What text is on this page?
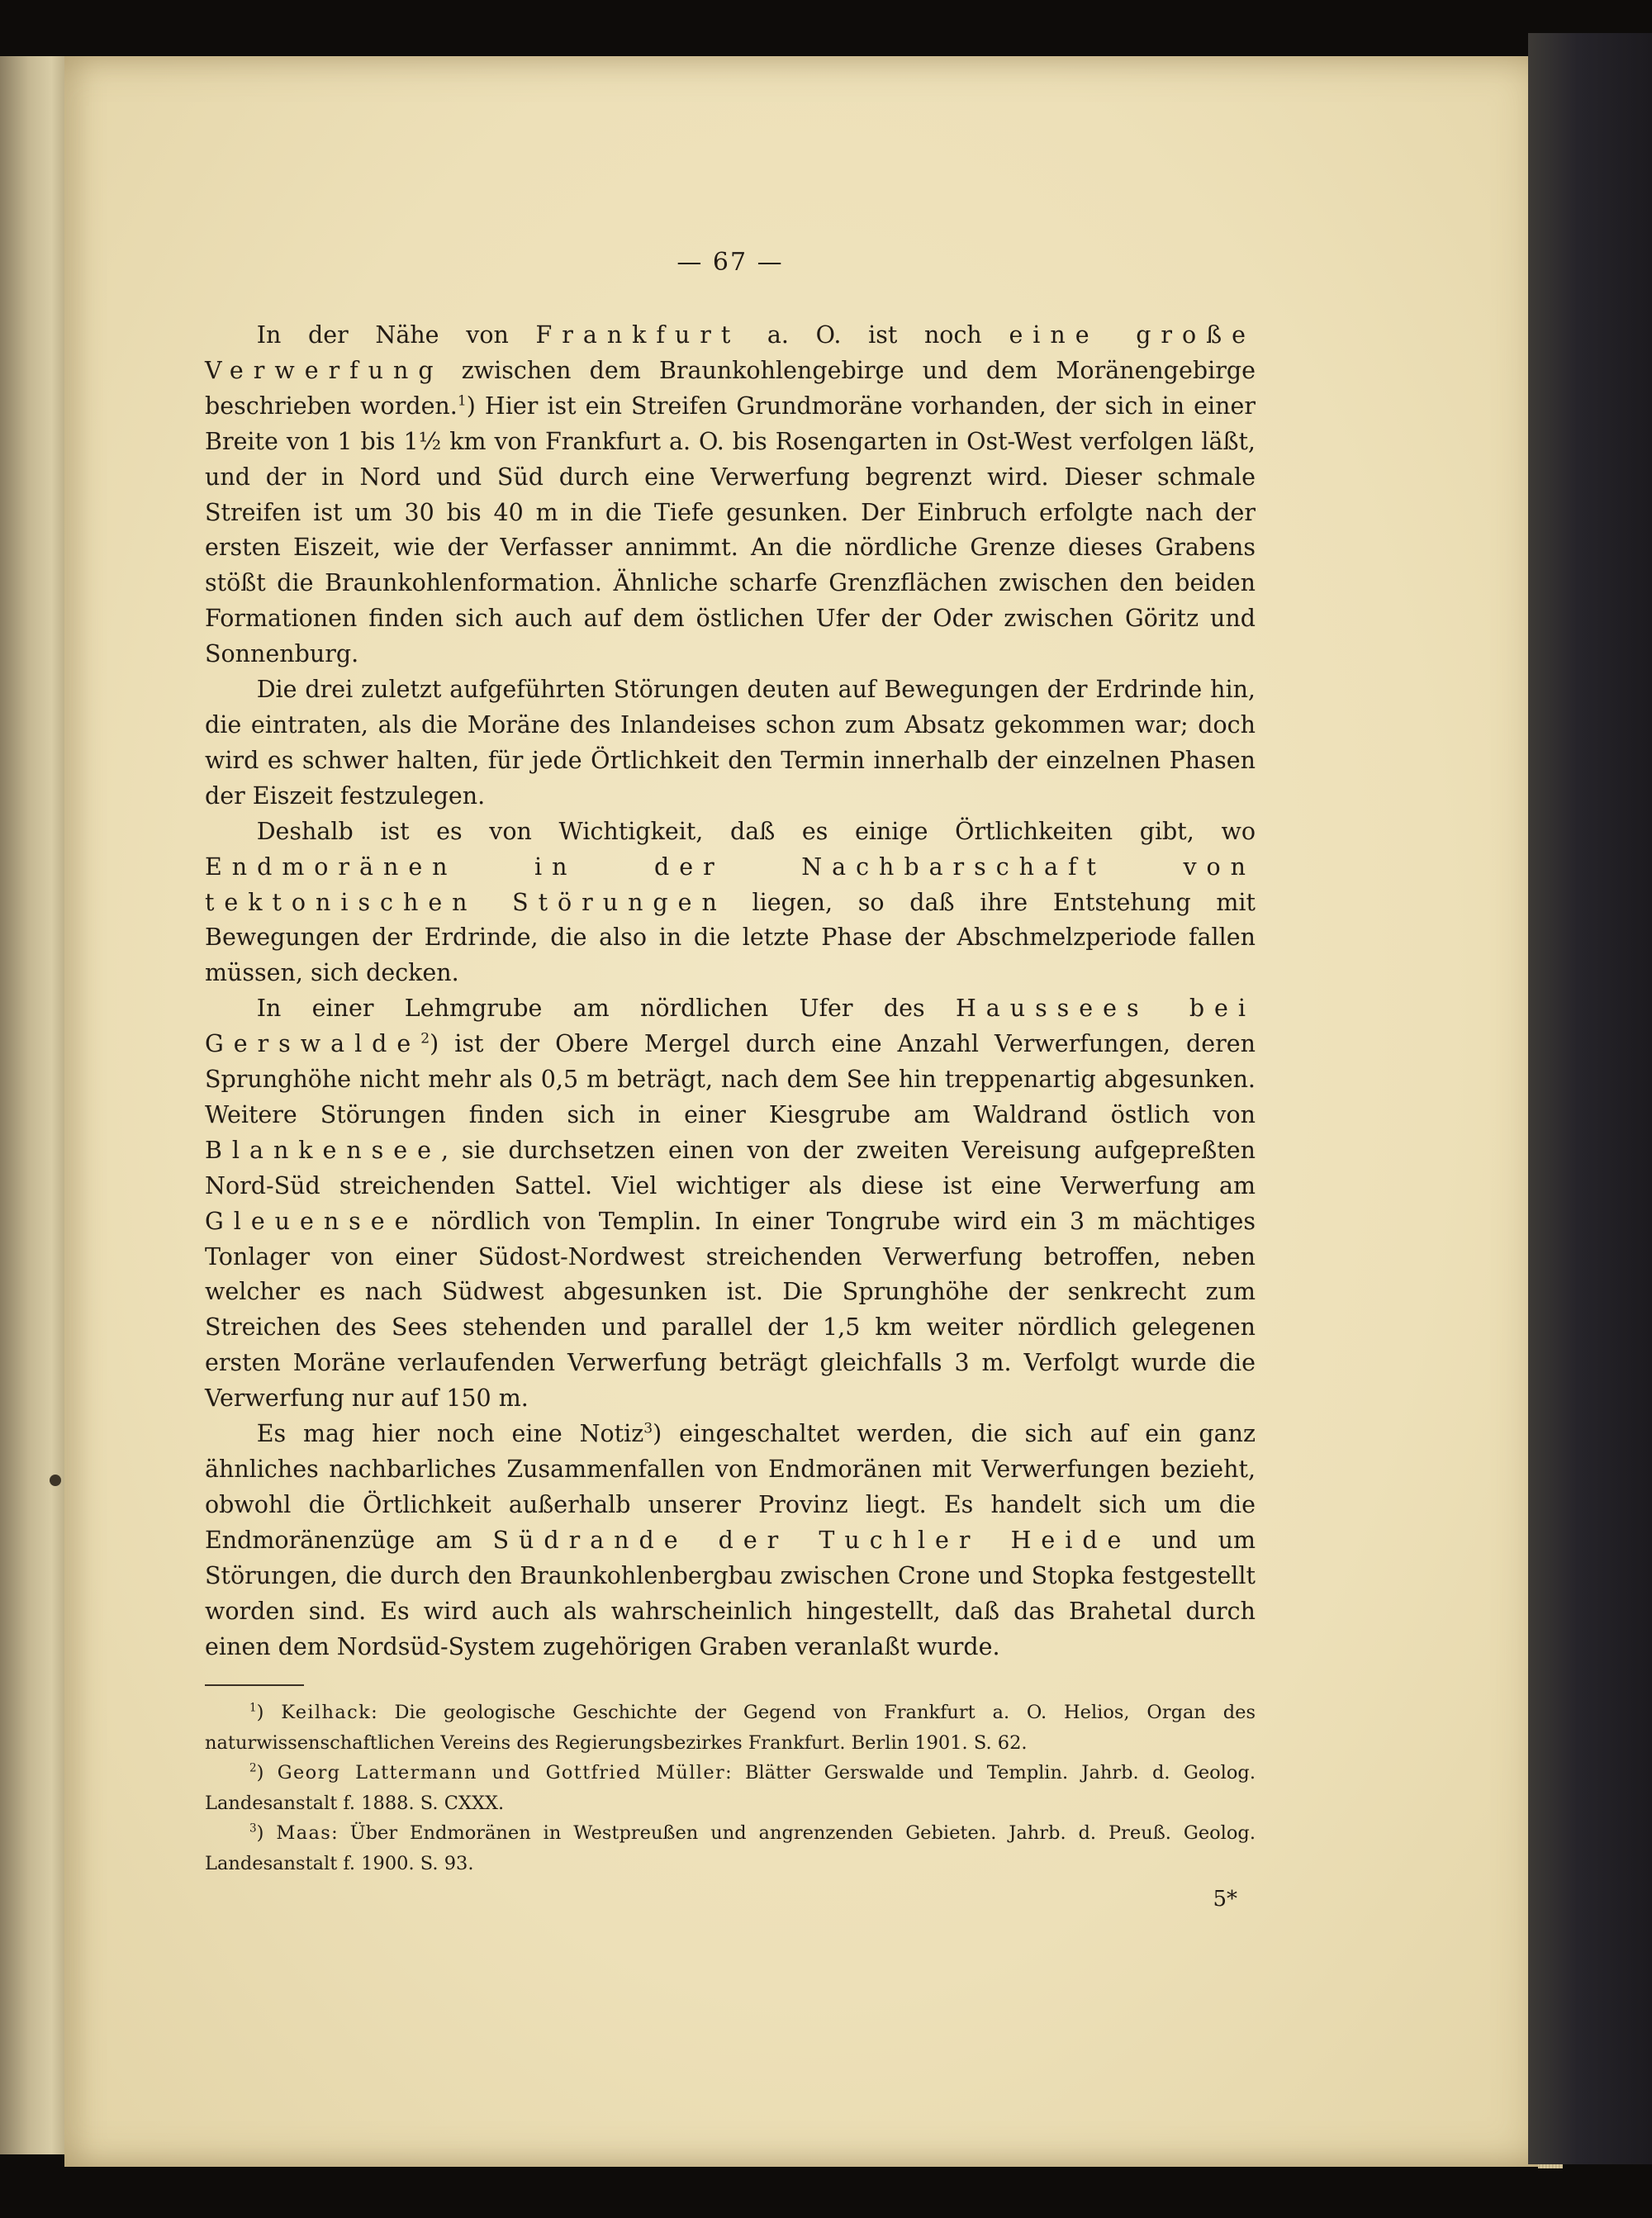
— 67 —

In der Nähe von Frankfurt a. O. ist noch eine große Verwerfung zwischen dem Braunkohlengebirge und dem Moränengebirge beschrieben worden.$^1$) Hier ist ein Streifen Grundmoräne vorhanden, der sich in einer Breite von 1 bis 1½ km von Frankfurt a. O. bis Rosengarten in Ost-West verfolgen läßt, und der in Nord und Süd durch eine Verwerfung begrenzt wird. Dieser schmale Streifen ist um 30 bis 40 m in die Tiefe gesunken. Der Einbruch erfolgte nach der ersten Eiszeit, wie der Verfasser annimmt. An die nördliche Grenze dieses Grabens stößt die Braunkohlenformation. Ähnliche scharfe Grenzflächen zwischen den beiden Formationen finden sich auch auf dem östlichen Ufer der Oder zwischen Göritz und Sonnenburg.

Die drei zuletzt aufgeführten Störungen deuten auf Bewegungen der Erdrinde hin, die eintraten, als die Moräne des Inlandeises schon zum Absatz gekommen war; doch wird es schwer halten, für jede Örtlichkeit den Termin innerhalb der einzelnen Phasen der Eiszeit festzulegen.

Deshalb ist es von Wichtigkeit, daß es einige Örtlichkeiten gibt, wo Endmoränen in der Nachbarschaft von tektonischen Störungen liegen, so daß ihre Entstehung mit Bewegungen der Erdrinde, die also in die letzte Phase der Abschmelzperiode fallen müssen, sich decken.

In einer Lehmgrube am nördlichen Ufer des Haussees bei Gerswalde$^2$) ist der Obere Mergel durch eine Anzahl Verwerfungen, deren Sprunghöhe nicht mehr als 0,5 m beträgt, nach dem See hin treppenartig abgesunken. Weitere Störungen finden sich in einer Kiesgrube am Waldrand östlich von Blankensee, sie durchsetzen einen von der zweiten Vereisung aufgepreßten Nord-Süd streichenden Sattel. Viel wichtiger als diese ist eine Verwerfung am Gleuensee nördlich von Templin. In einer Tongrube wird ein 3 m mächtiges Tonlager von einer Südost-Nordwest streichenden Verwerfung betroffen, neben welcher es nach Südwest abgesunken ist. Die Sprunghöhe der senkrecht zum Streichen des Sees stehenden und parallel der 1,5 km weiter nördlich gelegenen ersten Moräne verlaufenden Verwerfung beträgt gleichfalls 3 m. Verfolgt wurde die Verwerfung nur auf 150 m.

Es mag hier noch eine Notiz$^3$) eingeschaltet werden, die sich auf ein ganz ähnliches nachbarliches Zusammenfallen von Endmoränen mit Verwerfungen bezieht, obwohl die Örtlichkeit außerhalb unserer Provinz liegt. Es handelt sich um die Endmoränenzüge am Südrande der Tuchler Heide und um Störungen, die durch den Braunkohlenbergbau zwischen Crone und Stopka festgestellt worden sind. Es wird auch als wahrscheinlich hingestellt, daß das Brahetal durch einen dem Nordsüd-System zugehörigen Graben veranlaßt wurde.

$^1$) Keilhack: Die geologische Geschichte der Gegend von Frankfurt a. O. Helios, Organ des naturwissenschaftlichen Vereins des Regierungsbezirkes Frankfurt. Berlin 1901. S. 62.

$^2$) Georg Lattermann und Gottfried Müller: Blätter Gerswalde und Templin. Jahrb. d. Geolog. Landesanstalt f. 1888. S. CXXX.

$^3$) Maas: Über Endmoränen in Westpreußen und angrenzenden Gebieten. Jahrb. d. Preuß. Geolog. Landesanstalt f. 1900. S. 93.

5*
